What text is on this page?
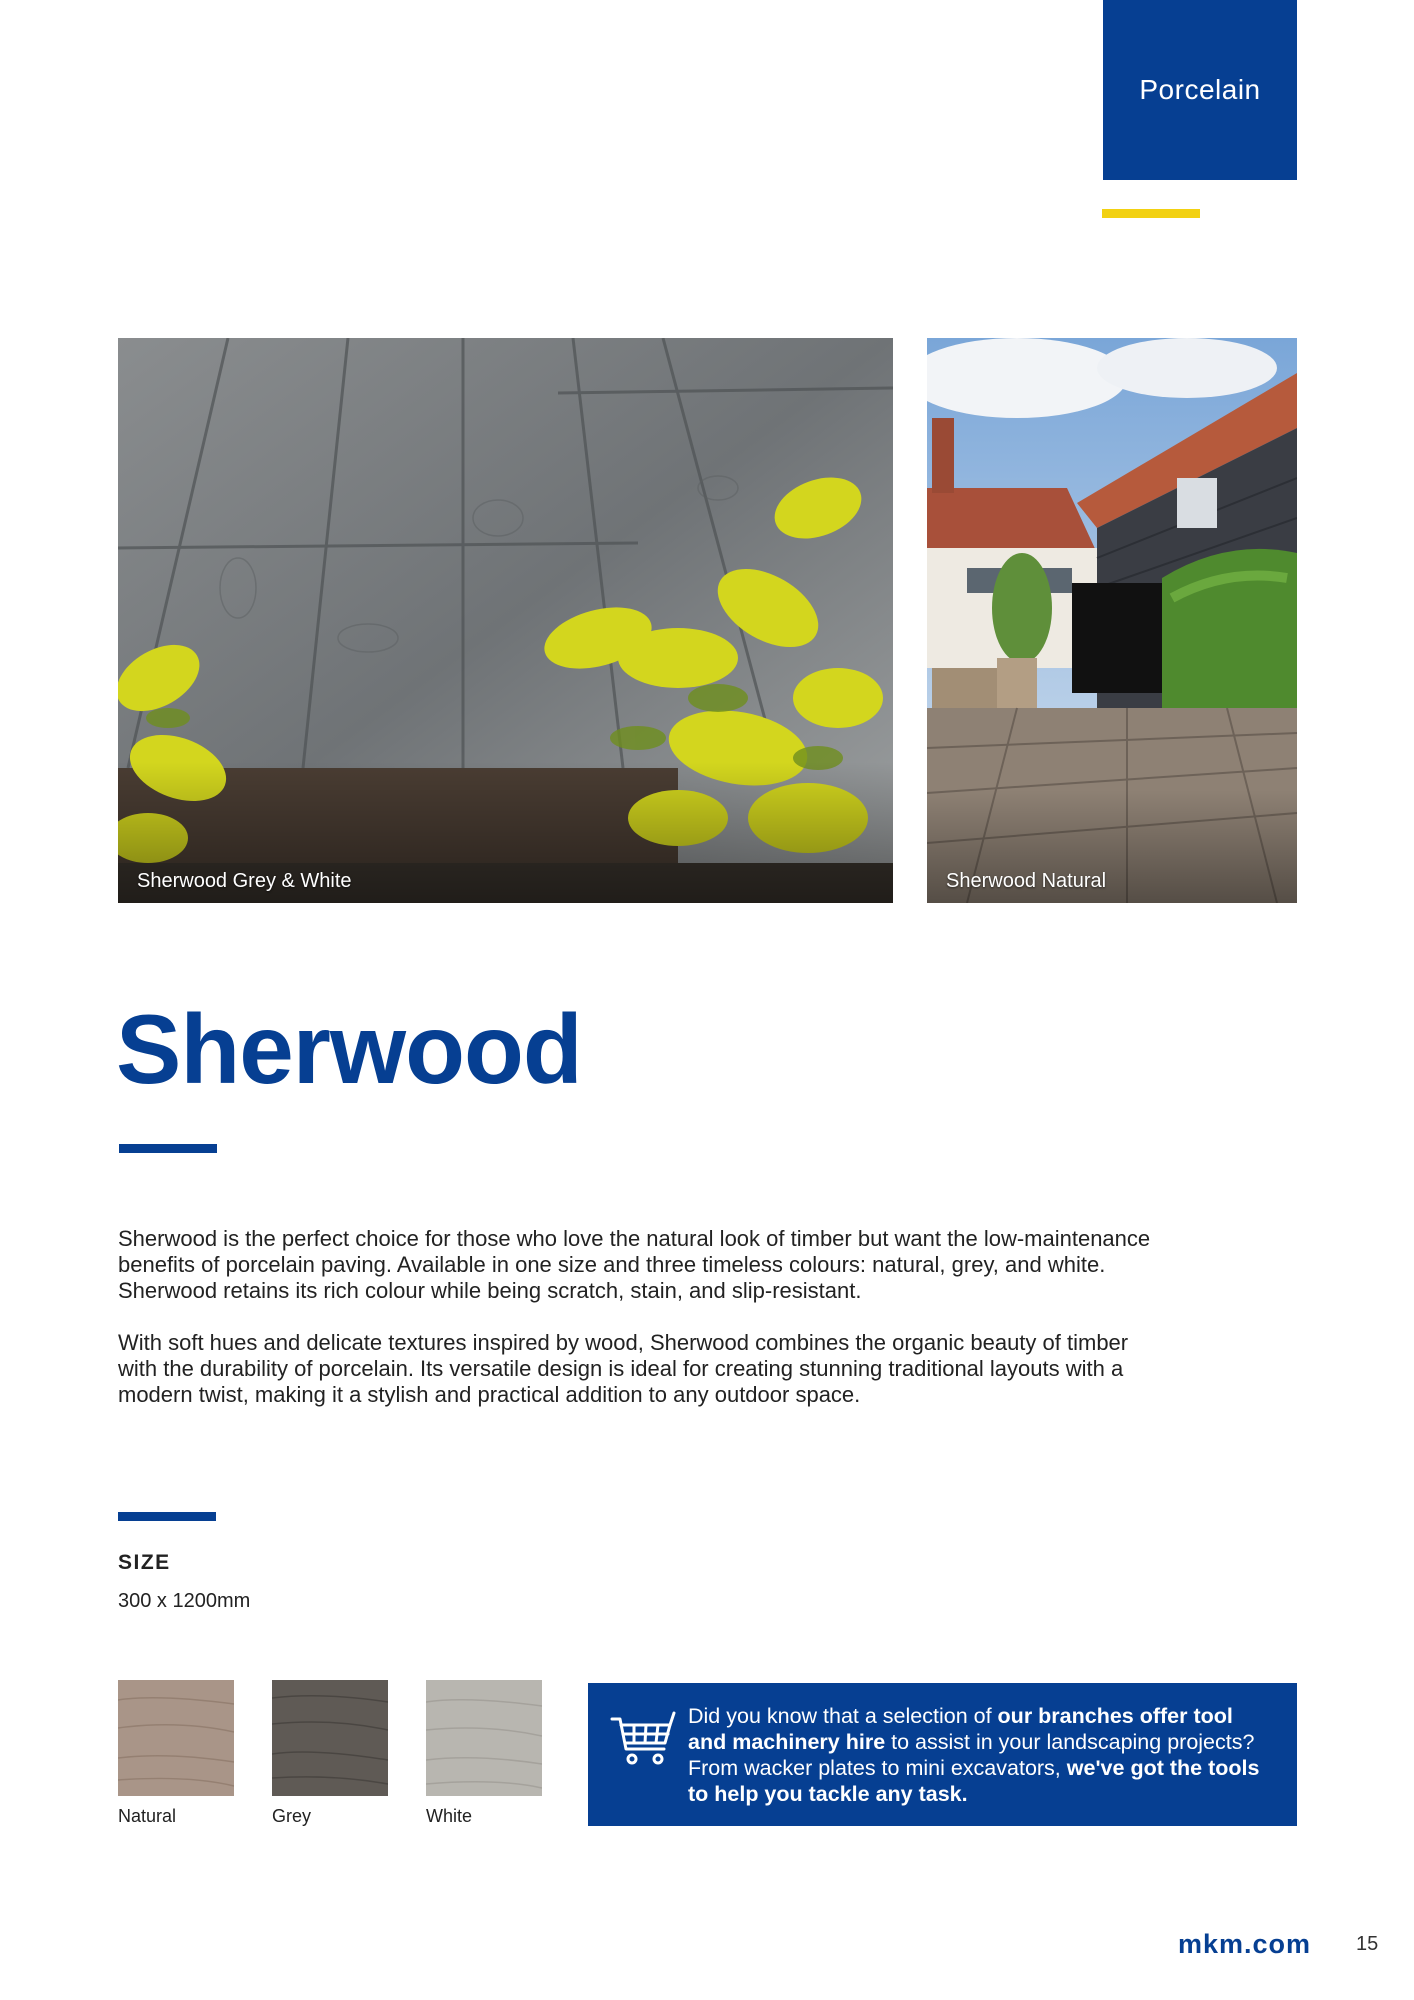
Porcelain
Sherwood Grey & White	Sherwood Natural
Sherwood

Sherwood is the perfect choice for those who love the natural look of timber but want the low-maintenance benefits of porcelain paving. Available in one size and three timeless colours: natural, grey, and white. Sherwood retains its rich colour while being scratch, stain, and slip-resistant.

With soft hues and delicate textures inspired by wood, Sherwood combines the organic beauty of timber with the durability of porcelain. Its versatile design is ideal for creating stunning traditional layouts with a modern twist, making it a stylish and practical addition to any outdoor space.

SIZE
300 x 1200mm
Natural	Grey	White
Did you know that a selection of our branches offer tool and machinery hire to assist in your landscaping projects? From wacker plates to mini excavators, we've got the tools to help you tackle any task.
mkm.com 15
